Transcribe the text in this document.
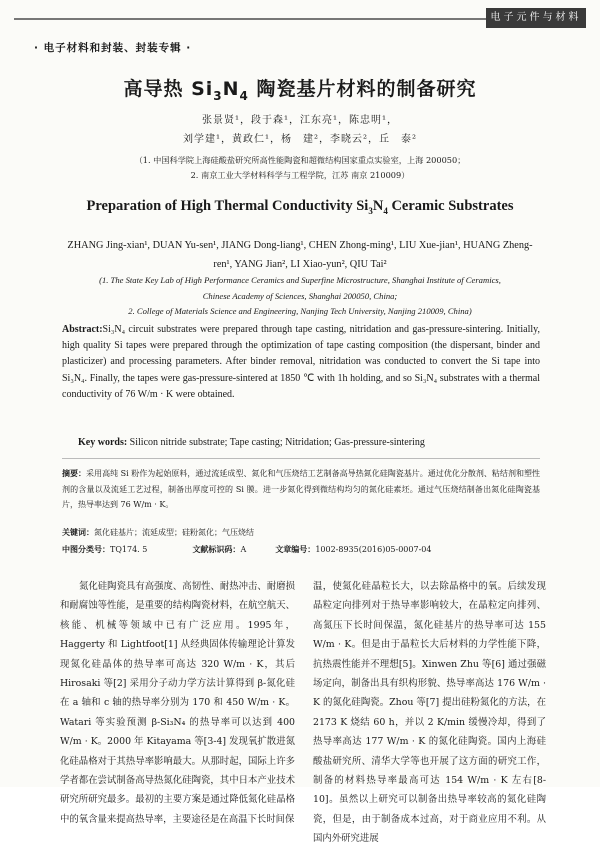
电子元件与材料
· 电子材料和封装、封装专辑 ·
高导热 $Si_3N_4$ 陶瓷基片材料的制备研究
张景贤¹，段于森¹，江东亮¹，陈忠明¹，
刘学建¹，黄政仁¹，杨　建²，李晓云²，丘　泰²
（1. 中国科学院上海硅酸盐研究所高性能陶瓷和超微结构国家重点实验室，上海 200050；
2. 南京工业大学材料科学与工程学院，江苏 南京 210009）
Preparation of High Thermal Conductivity $Si_3N_4$ Ceramic Substrates
ZHANG Jing-xian¹, DUAN Yu-sen¹, JIANG Dong-liang¹, CHEN Zhong-ming¹, LIU Xue-jian¹, HUANG Zheng-ren¹, YANG Jian², LI Xiao-yun², QIU Tai²
(1. The State Key Lab of High Performance Ceramics and Superfine Microstructure, Shanghai Institute of Ceramics,
Chinese Academy of Sciences, Shanghai 200050, China;
2. College of Materials Science and Engineering, Nanjing Tech University, Nanjing 210009, China)
Abstract:Si₃N₄ circuit substrates were prepared through tape casting, nitridation and gas-pressure-sintering. Initially, high quality Si tapes were prepared through the optimization of tape casting composition (the dispersant, binder and plasticizer) and processing parameters. After binder removal, nitridation was conducted to convert the Si tape into Si₃N₄. Finally, the tapes were gas-pressure-sintered at 1850 ℃ with 1h holding, and so Si₃N₄ substrates with a thermal conductivity of 76 W/m · K were obtained.
Key words: Silicon nitride substrate; Tape casting; Nitridation; Gas-pressure-sintering
摘要：采用高纯 Si 粉作为起始原料，通过流延成型、氮化和气压烧结工艺制备高导热氮化硅陶瓷基片。通过优化分散剂、粘结剂和塑性剂的含量以及流延工艺过程，制备出厚度可控的 Si 膜。进一步氮化得到微结构均匀的氮化硅素坯。通过气压烧结制备出氮化硅陶瓷基片，热导率达到 76 W/m · K。
关键词：氮化硅基片；流延成型；硅粉氮化；气压烧结
中图分类号：TQ174. 5	文献标识码：A	文章编号：1002-8935(2016)05-0007-04
氮化硅陶瓷具有高强度、高韧性、耐热冲击、耐磨损和耐腐蚀等性能，是重要的结构陶瓷材料，在航空航天、核能、机械等领域中已有广泛应用。1995年，Haggerty 和 Lightfoot[1] 从经典固体传输理论计算发现氮化硅晶体的热导率可高达 320 W/m · K，其后 Hirosaki 等[2] 采用分子动力学方法计算得到 β-氮化硅在 a 轴和 c 轴的热导率分别为 170 和 450 W/m · K。Watari 等实验预测 β-Si₃N₄ 的热导率可以达到 400 W/m · K。2000 年 Kitayama 等[3-4] 发现氧扩散进氮化硅晶格对于其热导率影响最大。从那时起，国际上许多学者都在尝试制备高导热氮化硅陶瓷，其中日本产业技术研究所研究最多。最初的主要方案是通过降低氮化硅晶格中的氧含量来提高热导率，主要途径是在高温下长时间保
温，使氮化硅晶粒长大，以去除晶格中的氧。后续发现晶粒定向排列对于热导率影响较大，在晶粒定向排列、高氮压下长时间保温，氮化硅基片的热导率可达 155 W/m · K。但是由于晶粒长大后材料的力学性能下降，抗热震性能并不理想[5]。Xinwen Zhu 等[6] 通过强磁场定向，制备出具有织构形貌、热导率高达 176 W/m · K 的氮化硅陶瓷。Zhou 等[7] 提出硅粉氮化的方法，在 2173 K 烧结 60 h，并以 2 K/min 缓慢冷却，得到了热导率高达 177 W/m · K 的氮化硅陶瓷。国内上海硅酸盐研究所、清华大学等也开展了这方面的研究工作，制备的材料热导率最高可达 154 W/m · K 左右[8-10]。虽然以上研究可以制备出热导率较高的氮化硅陶瓷，但是，由于制备成本过高，对于商业应用不利。从国内外研究进展
